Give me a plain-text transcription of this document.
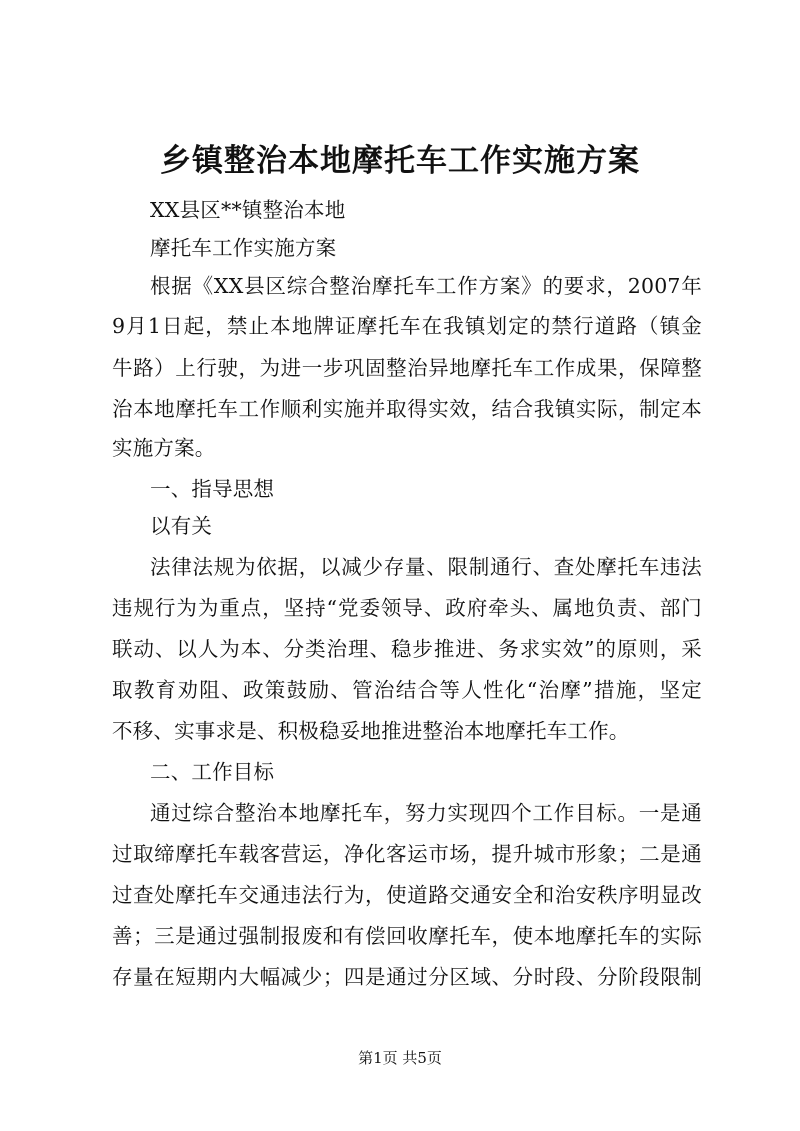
乡镇整治本地摩托车工作实施方案
XX县区**镇整治本地
摩托车工作实施方案
根据《XX县区综合整治摩托车工作方案》的要求，2007年
9月1日起，禁止本地牌证摩托车在我镇划定的禁行道路（镇金
牛路）上行驶，为进一步巩固整治异地摩托车工作成果，保障整
治本地摩托车工作顺利实施并取得实效，结合我镇实际，制定本
实施方案。
一、指导思想
以有关
法律法规为依据，以减少存量、限制通行、查处摩托车违法
违规行为为重点，坚持“党委领导、政府牵头、属地负责、部门
联动、以人为本、分类治理、稳步推进、务求实效”的原则，采
取教育劝阻、政策鼓励、管治结合等人性化“治摩”措施，坚定
不移、实事求是、积极稳妥地推进整治本地摩托车工作。
二、工作目标
通过综合整治本地摩托车，努力实现四个工作目标。一是通
过取缔摩托车载客营运，净化客运市场，提升城市形象；二是通
过查处摩托车交通违法行为，使道路交通安全和治安秩序明显改
善；三是通过强制报废和有偿回收摩托车，使本地摩托车的实际
存量在短期内大幅减少；四是通过分区域、分时段、分阶段限制
第1页 共5页
